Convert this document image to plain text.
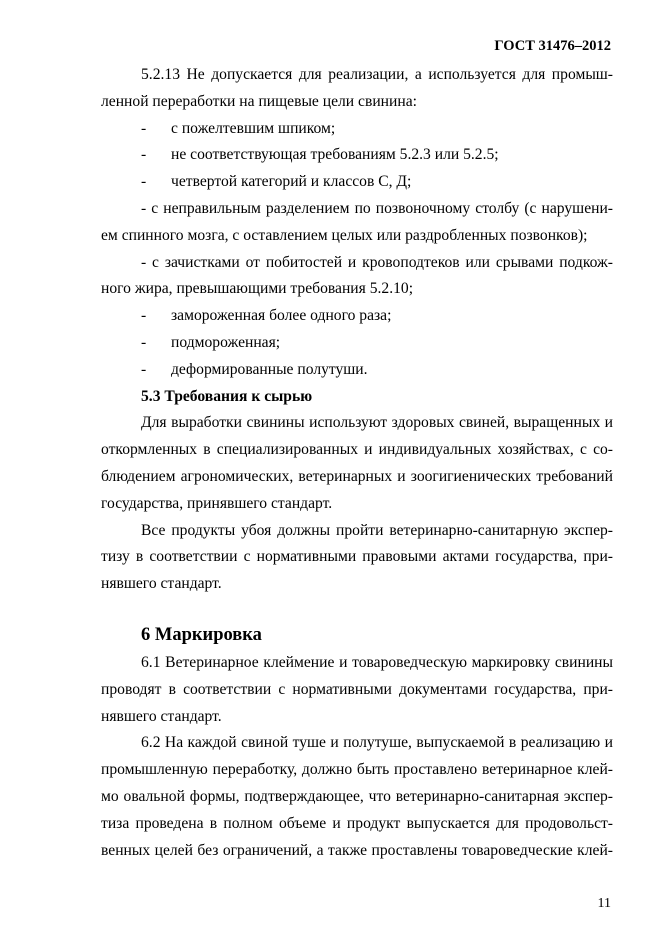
ГОСТ 31476–2012

5.2.13 Не допускается для реализации, а используется для промыш-

ленной переработки на пищевые цели свинина:

-	с пожелтевшим шпиком;
-	не соответствующая требованиям 5.2.3 или 5.2.5;
-	четвертой категорий и классов С, Д;

- с неправильным разделением по позвоночному столбу (с нарушени-

ем спинного мозга, с оставлением целых или раздробленных позвонков);

- с зачистками от побитостей и кровоподтеков или срывами подкож-

ного жира, превышающими требования 5.2.10;

-	замороженная более одного раза;
-	подмороженная;
-	деформированные полутуши.

5.3 Требования к сырью

Для выработки свинины используют здоровых свиней, выращенных и

откормленных в специализированных и индивидуальных хозяйствах, с со-

блюдением агрономических, ветеринарных и зоогигиенических требований

государства, принявшего стандарт.

Все продукты убоя должны пройти ветеринарно-санитарную экспер-

тизу в соответствии с нормативными правовыми актами государства, при-

нявшего стандарт.

6 Маркировка

6.1 Ветеринарное клеймение и товароведческую маркировку свинины

проводят в соответствии с нормативными документами государства, при-

нявшего стандарт.

6.2 На каждой свиной туше и полутуше, выпускаемой в реализацию и

промышленную переработку, должно быть проставлено ветеринарное клей-

мо овальной формы, подтверждающее, что ветеринарно-санитарная экспер-

тиза проведена в полном объеме и продукт выпускается для продовольст-

венных целей без ограничений, а также проставлены товароведческие клей-

11
